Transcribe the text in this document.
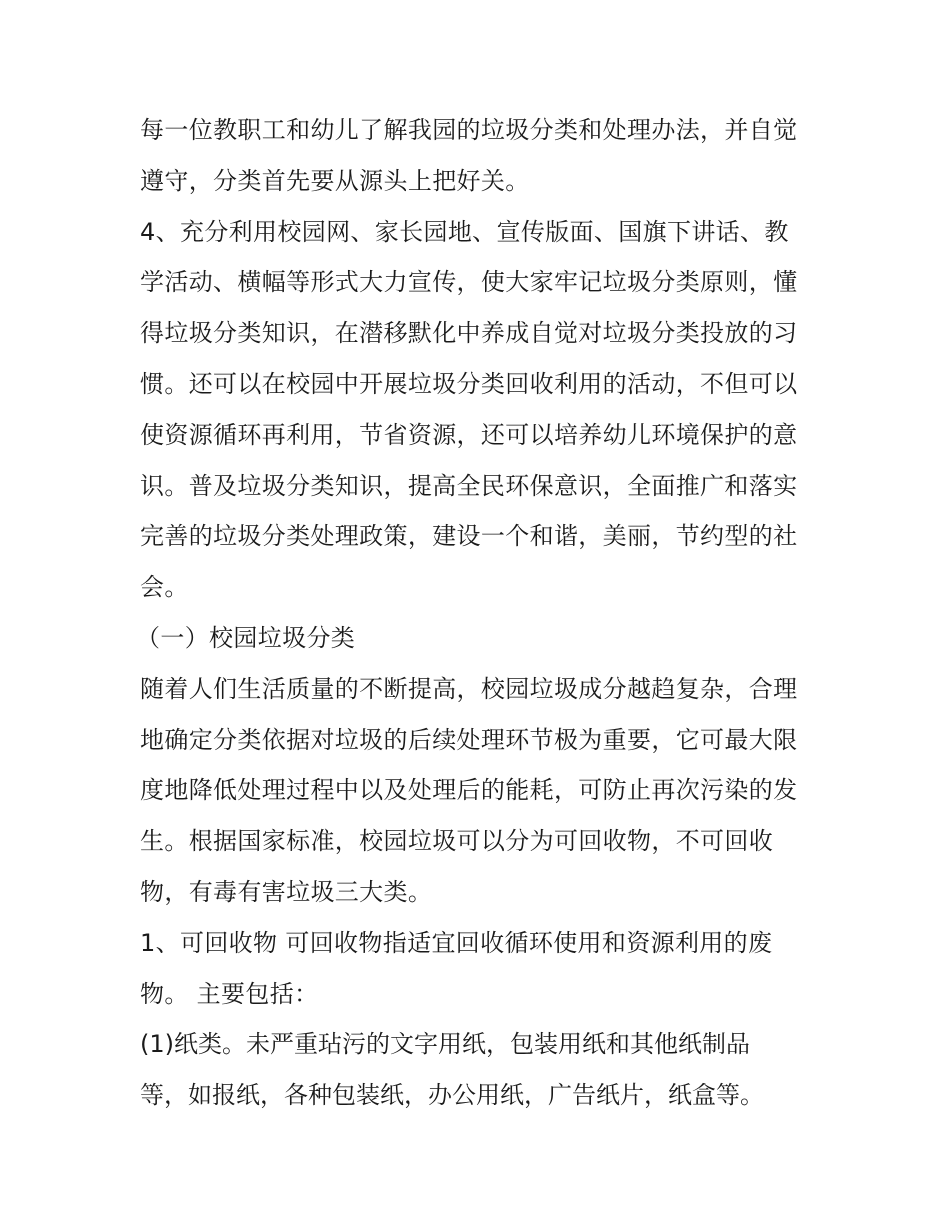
每一位教职工和幼儿了解我园的垃圾分类和处理办法，并自觉
遵守，分类首先要从源头上把好关。
4、充分利用校园网、家长园地、宣传版面、国旗下讲话、教
学活动、横幅等形式大力宣传，使大家牢记垃圾分类原则，懂
得垃圾分类知识，在潜移默化中养成自觉对垃圾分类投放的习
惯。还可以在校园中开展垃圾分类回收利用的活动，不但可以
使资源循环再利用，节省资源，还可以培养幼儿环境保护的意
识。普及垃圾分类知识，提高全民环保意识，全面推广和落实
完善的垃圾分类处理政策，建设一个和谐，美丽，节约型的社
会。
（一）校园垃圾分类
随着人们生活质量的不断提高，校园垃圾成分越趋复杂，合理
地确定分类依据对垃圾的后续处理环节极为重要，它可最大限
度地降低处理过程中以及处理后的能耗，可防止再次污染的发
生。根据国家标准，校园垃圾可以分为可回收物，不可回收
物，有毒有害垃圾三大类。
1、可回收物 可回收物指适宜回收循环使用和资源利用的废
物。 主要包括：
(1)纸类。未严重玷污的文字用纸，包装用纸和其他纸制品
等，如报纸，各种包装纸，办公用纸，广告纸片，纸盒等。
